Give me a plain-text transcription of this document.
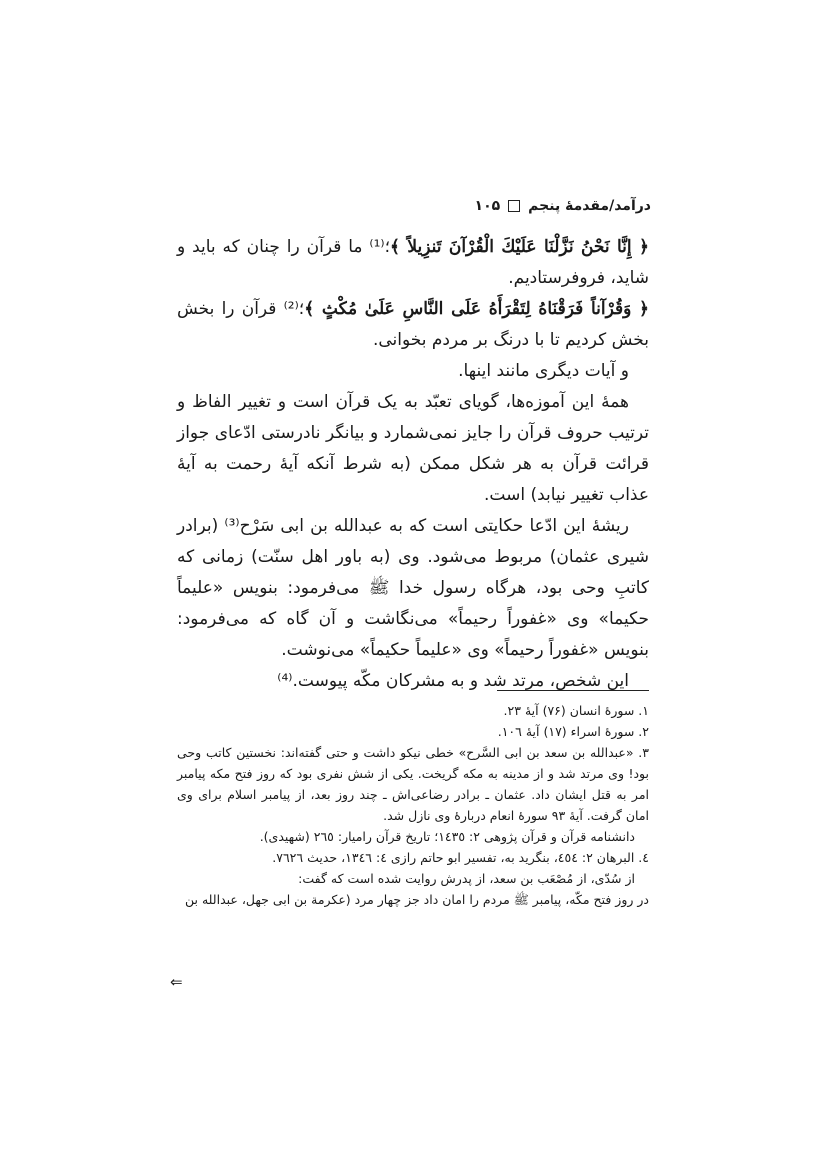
درآمد/مقدمهٔ پنجم
۱۰۵

﴿ إِنَّا نَحْنُ نَزَّلْنَا عَلَيْكَ الْقُرْآنَ تَنزِيلاً ﴾؛⁽¹⁾ ما قرآن را چنان که باید و شاید، فروفرستادیم.

﴿ وَقُرْآناً فَرَقْنَاهُ لِتَقْرَأَهُ عَلَى النَّاسِ عَلَىٰ مُكْثٍ ﴾؛⁽²⁾ قرآن را بخش بخش کردیم تا با درنگ بر مردم بخوانی.

و آیات دیگری مانند اینها.

همهٔ این آموزه‌ها، گویای تعبّد به یک قرآن است و تغییر الفاظ و ترتیب حروف قرآن را جایز نمی‌شمارد و بیانگر نادرستی ادّعای جواز قرائت قرآن به هر شکل ممکن (به شرط آنکه آیهٔ رحمت به آیهٔ عذاب تغییر نیابد) است.

ریشهٔ این ادّعا حکایتی است که به عبدالله بن ابی سَرْح⁽³⁾ (برادر شیری عثمان) مربوط می‌شود. وی (به باور اهل سنّت) زمانی که کاتبِ وحی بود، هرگاه رسول خدا ﷺ می‌فرمود: بنویس «علیماً حکیما» وی «غفوراً رحیماً» می‌نگاشت و آن گاه که می‌فرمود: بنویس «غفوراً رحیماً» وی «علیماً حکیماً» می‌نوشت.

این شخص، مرتد شد و به مشرکان مکّه پیوست.⁽⁴⁾

۱. سورهٔ انسان (۷۶) آیهٔ ۲۳.

۲. سورهٔ اسراء (۱۷) آیهٔ ۱۰٦.

۳. «عبدالله بن سعد بن ابی السَّرح» خطی نیکو داشت و حتی گفته‌اند: نخستین کاتب وحی بود! وی مرتد شد و از مدینه به مکه گریخت. یکی از شش نفری بود که روز فتح مکه پیامبر امر به قتل ایشان داد. عثمان ـ برادر رضاعی‌اش ـ چند روز بعد، از پیامبر اسلام برای وی امان گرفت. آیهٔ ۹۳ سورهٔ انعام دربارهٔ وی نازل شد.

دانشنامه قرآن و قرآن پژوهی ۲: ۱٤۳٥؛ تاریخ قرآن رامیار: ۲٦٥ (شهیدی).

٤. البرهان ۲: ٤٥٤، بنگرید به، تفسیر ابو حاتم رازی ٤: ۱۳٤٦، حدیث ۷٦۲٦.

از سُدّی، از مُصْعَب بن سعد، از پدرش روایت شده است که گفت:

در روز فتح مکّه، پیامبر ﷺ مردم را امان داد جز چهار مرد (عکرمة بن ابی جهل، عبدالله بن

⇐
